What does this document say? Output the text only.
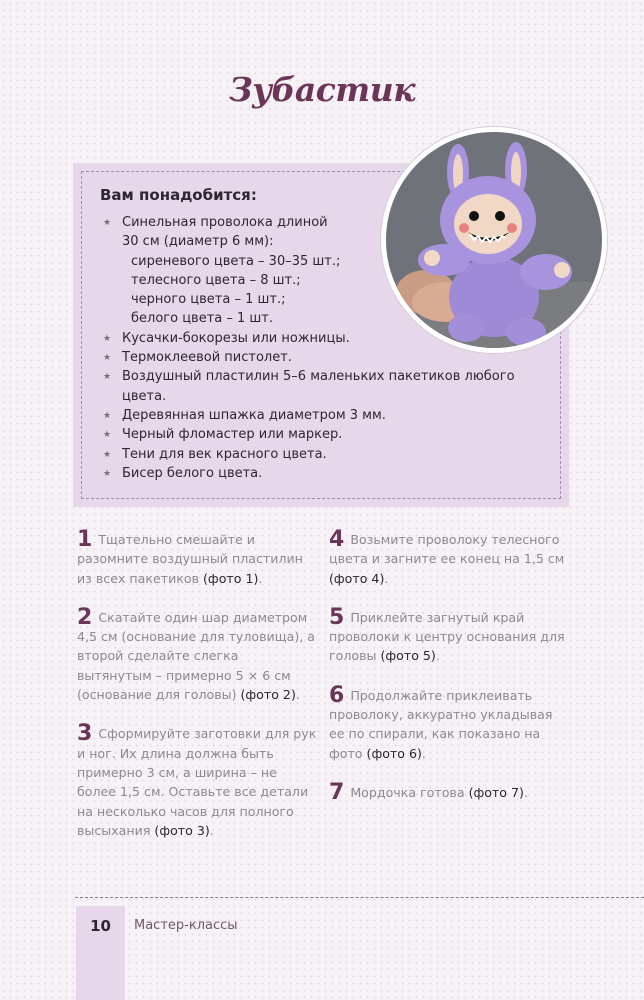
Зубастик
Вам понадобится:
★ Синельная проволока длиной
30 см (диаметр 6 мм):
сиреневого цвета – 30–35 шт.;
телесного цвета – 8 шт.;
черного цвета – 1 шт.;
белого цвета – 1 шт.
★ Кусачки-бокорезы или ножницы.
★ Термоклеевой пистолет.
★ Воздушный пластилин 5–6 маленьких пакетиков любого
цвета.
★ Деревянная шпажка диаметром 3 мм.
★ Черный фломастер или маркер.
★ Тени для век красного цвета.
★ Бисер белого цвета.

1 Тщательно смешайте и разомните воздушный пластилин из всех пакетиков (фото 1).

2 Скатайте один шар диаметром 4,5 см (основание для туловища), а второй сделайте слегка вытянутым – примерно 5 × 6 см (основание для головы) (фото 2).

3 Сформируйте заготовки для рук и ног. Их длина должна быть примерно 3 см, а ширина – не более 1,5 см. Оставьте все детали на несколько часов для полного высыхания (фото 3).

4 Возьмите проволоку телесного цвета и загните ее конец на 1,5 см (фото 4).

5 Приклейте загнутый край проволоки к центру основания для головы (фото 5).

6 Продолжайте приклеивать проволоку, аккуратно укладывая ее по спирали, как показано на фото (фото 6).

7 Мордочка готова (фото 7).

10	Мастер-классы
